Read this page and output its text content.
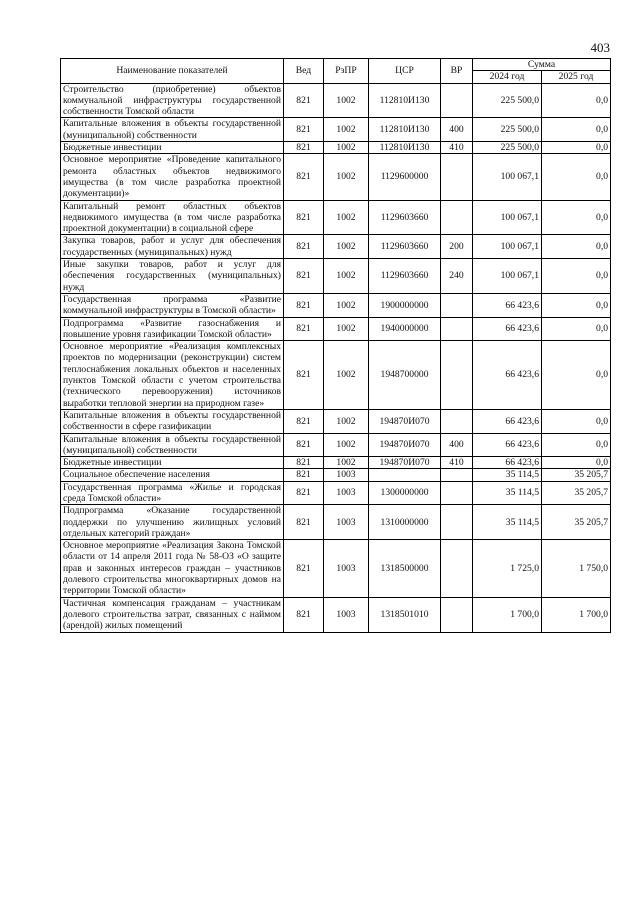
403
Наименование показателей	Вед	РзПР	ЦСР	ВР	Сумма	
					2024 год	2025 год
Строительство (приобретение) объектов коммунальной инфраструктуры государственной собственности Томской области	821	1002	112810И130		225 500,0	0,0
Капитальные вложения в объекты государственной (муниципальной) собственности	821	1002	112810И130	400	225 500,0	0,0
Бюджетные инвестиции	821	1002	112810И130	410	225 500,0	0,0
Основное мероприятие «Проведение капитального ремонта областных объектов недвижимого имущества (в том числе разработка проектной документации)»	821	1002	1129600000		100 067,1	0,0
Капитальный ремонт областных объектов недвижимого имущества (в том числе разработка проектной документации) в социальной сфере	821	1002	1129603660		100 067,1	0,0
Закупка товаров, работ и услуг для обеспечения государственных (муниципальных) нужд	821	1002	1129603660	200	100 067,1	0,0
Иные закупки товаров, работ и услуг для обеспечения государственных (муниципальных) нужд	821	1002	1129603660	240	100 067,1	0,0
Государственная программа «Развитие коммунальной инфраструктуры в Томской области»	821	1002	1900000000		66 423,6	0,0
Подпрограмма «Развитие газоснабжения и повышение уровня газификации Томской области»	821	1002	1940000000		66 423,6	0,0
Основное мероприятие «Реализация комплексных проектов по модернизации (реконструкции) систем теплоснабжения локальных объектов и населенных пунктов Томской области с учетом строительства (технического перевооружения) источников выработки тепловой энергии на природном газе»	821	1002	1948700000		66 423,6	0,0
Капитальные вложения в объекты государственной собственности в сфере газификации	821	1002	194870И070		66 423,6	0,0
Капитальные вложения в объекты государственной (муниципальной) собственности	821	1002	194870И070	400	66 423,6	0,0
Бюджетные инвестиции	821	1002	194870И070	410	66 423,6	0,0
Социальное обеспечение населения	821	1003			35 114,5	35 205,7
Государственная программа «Жилье и городская среда Томской области»	821	1003	1300000000		35 114,5	35 205,7
Подпрограмма «Оказание государственной поддержки по улучшению жилищных условий отдельных категорий граждан»	821	1003	1310000000		35 114,5	35 205,7
Основное мероприятие «Реализация Закона Томской области от 14 апреля 2011 года № 58-ОЗ «О защите прав и законных интересов граждан – участников долевого строительства многоквартирных домов на территории Томской области»	821	1003	1318500000		1 725,0	1 750,0
Частичная компенсация гражданам – участникам долевого строительства затрат, связанных с наймом (арендой) жилых помещений	821	1003	1318501010		1 700,0	1 700,0
